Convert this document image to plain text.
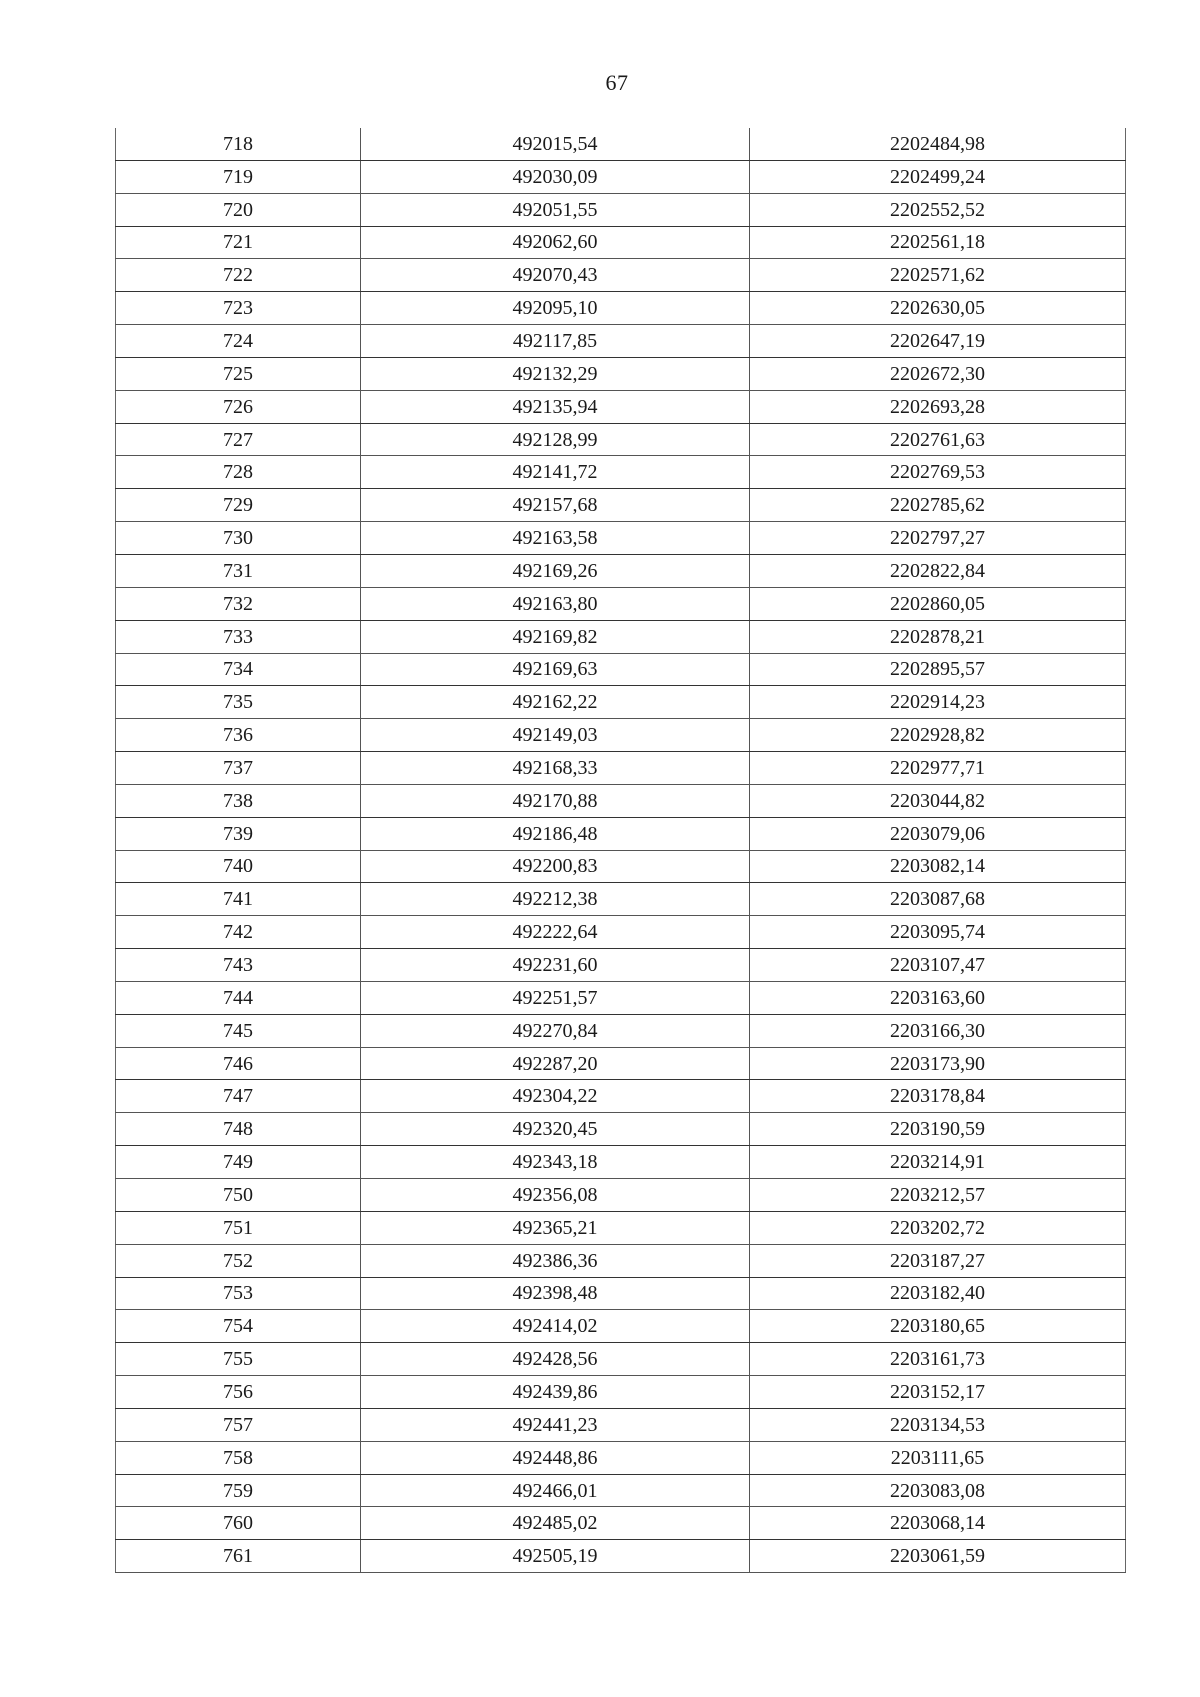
67
718	492015,54	2202484,98
719	492030,09	2202499,24
720	492051,55	2202552,52
721	492062,60	2202561,18
722	492070,43	2202571,62
723	492095,10	2202630,05
724	492117,85	2202647,19
725	492132,29	2202672,30
726	492135,94	2202693,28
727	492128,99	2202761,63
728	492141,72	2202769,53
729	492157,68	2202785,62
730	492163,58	2202797,27
731	492169,26	2202822,84
732	492163,80	2202860,05
733	492169,82	2202878,21
734	492169,63	2202895,57
735	492162,22	2202914,23
736	492149,03	2202928,82
737	492168,33	2202977,71
738	492170,88	2203044,82
739	492186,48	2203079,06
740	492200,83	2203082,14
741	492212,38	2203087,68
742	492222,64	2203095,74
743	492231,60	2203107,47
744	492251,57	2203163,60
745	492270,84	2203166,30
746	492287,20	2203173,90
747	492304,22	2203178,84
748	492320,45	2203190,59
749	492343,18	2203214,91
750	492356,08	2203212,57
751	492365,21	2203202,72
752	492386,36	2203187,27
753	492398,48	2203182,40
754	492414,02	2203180,65
755	492428,56	2203161,73
756	492439,86	2203152,17
757	492441,23	2203134,53
758	492448,86	2203111,65
759	492466,01	2203083,08
760	492485,02	2203068,14
761	492505,19	2203061,59
